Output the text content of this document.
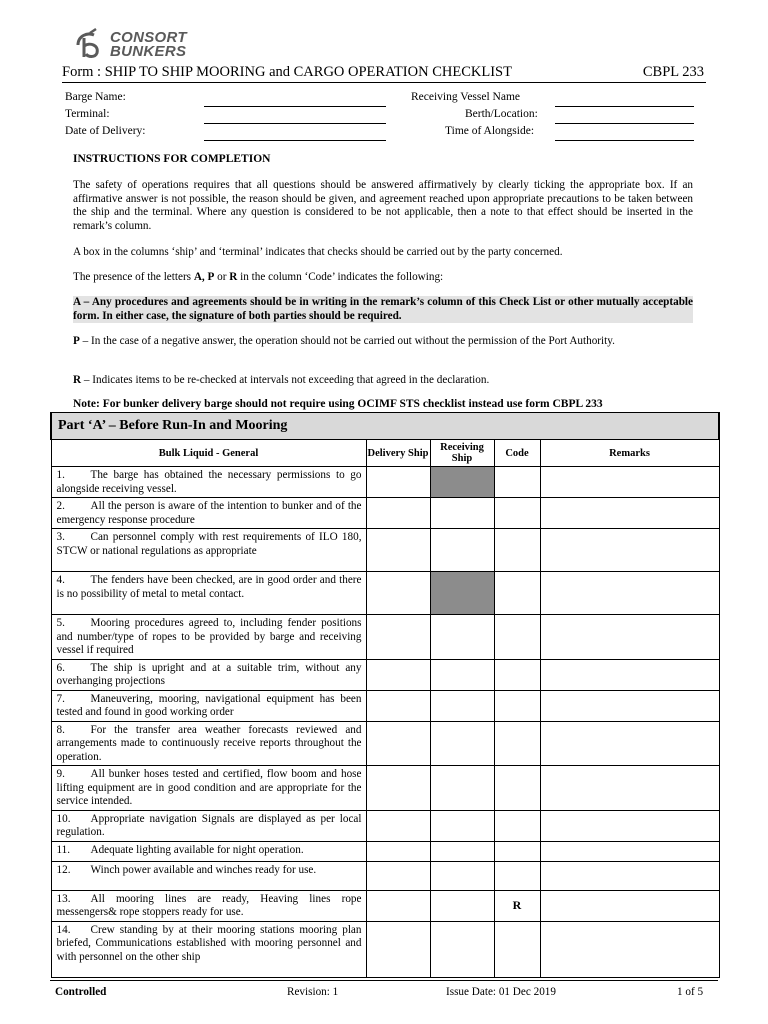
CONSORT
BUNKERS
Form : SHIP TO SHIP MOORING and CARGO OPERATION CHECKLIST	CBPL 233
Barge Name:
Terminal:
Date of Delivery:
Receiving Vessel Name
Berth/Location:
Time of Alongside:
INSTRUCTIONS FOR COMPLETION
The safety of operations requires that all questions should be answered affirmatively by clearly ticking the appropriate box. If an affirmative answer is not possible, the reason should be given, and agreement reached upon appropriate precautions to be taken between the ship and the terminal. Where any question is considered to be not applicable, then a note to that effect should be inserted in the remark’s column.
A box in the columns ‘ship’ and ‘terminal’ indicates that checks should be carried out by the party concerned.
The presence of the letters A, P or R in the column ‘Code’ indicates the following:
A – Any procedures and agreements should be in writing in the remark’s column of this Check List or other mutually acceptable form. In either case, the signature of both parties should be required.
P – In the case of a negative answer, the operation should not be carried out without the permission of the Port Authority.
R – Indicates items to be re-checked at intervals not exceeding that agreed in the declaration.
Note: For bunker delivery barge should not require using OCIMF STS checklist instead use form CBPL 233
Part ‘A’ – Before Run-In and Mooring				
Bulk Liquid - General	Delivery Ship	Receiving Ship	Code	Remarks

1. The barge has obtained the necessary permissions to go alongside receiving vessel.				

2. All the person is aware of the intention to bunker and of the emergency response procedure				

3. Can personnel comply with rest requirements of ILO 180, STCW or national regulations as appropriate				

4. The fenders have been checked, are in good order and there is no possibility of metal to metal contact.				

5. Mooring procedures agreed to, including fender positions and number/type of ropes to be provided by barge and receiving vessel if required				

6. The ship is upright and at a suitable trim, without any overhanging projections				

7. Maneuvering, mooring, navigational equipment has been tested and found in good working order				

8. For the transfer area weather forecasts reviewed and arrangements made to continuously receive reports throughout the operation.				

9. All bunker hoses tested and certified, flow boom and hose lifting equipment are in good condition and are appropriate for the service intended.				

10. Appropriate navigation Signals are displayed as per local regulation.				

11. Adequate lighting available for night operation.				

12. Winch power available and winches ready for use.				

13. All mooring lines are ready, Heaving lines rope messengers& rope stoppers ready for use.			R	

14. Crew standing by at their mooring stations mooring plan briefed, Communications established with mooring personnel and with personnel on the other ship				

Controlled	Revision: 1	Issue Date: 01 Dec 2019	1 of 5
